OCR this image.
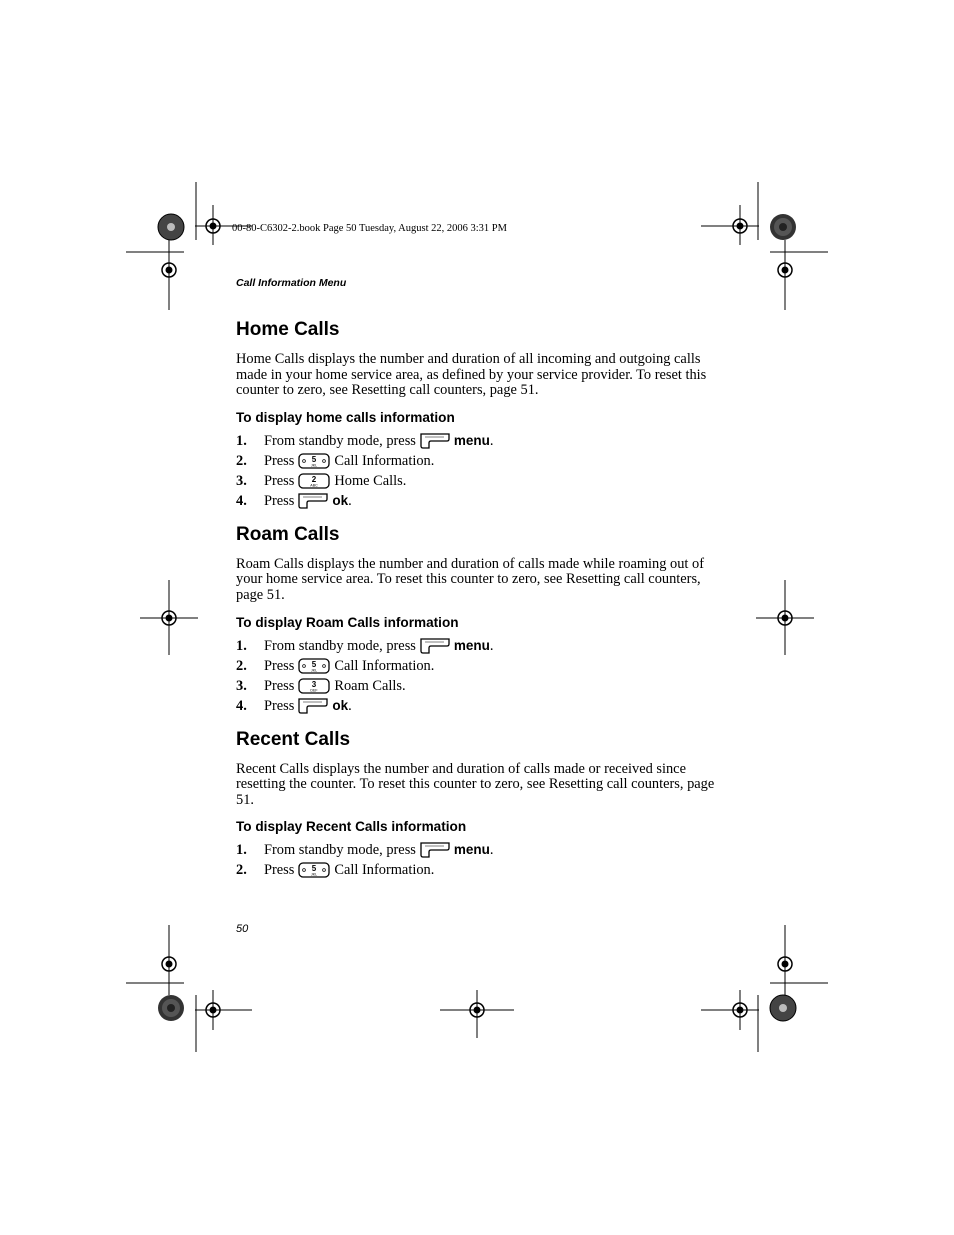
00-80-C6302-2.book Page 50 Tuesday, August 22, 2006 3:31 PM
Call Information Menu
Home Calls

Home Calls displays the number and duration of all incoming and outgoing calls made in your home service area, as defined by your service provider. To reset this counter to zero, see Resetting call counters, page 51.

To display home calls information
1.	From standby mode, press	menu .
2.	Press 5
JKL Call Information.
3.	Press 2
ABC Home Calls.
4.	Press	ok .
Roam Calls

Roam Calls displays the number and duration of calls made while roaming out of your home service area. To reset this counter to zero, see Resetting call counters, page 51.

To display Roam Calls information
1.	From standby mode, press	menu .
2.	Press 5
JKL Call Information.
3.	Press 3
DEF Roam Calls.
4.	Press	ok .
Recent Calls

Recent Calls displays the number and duration of calls made or received since resetting the counter. To reset this counter to zero, see Resetting call counters, page 51.

To display Recent Calls information
1.	From standby mode, press	menu .
2.	Press 5
JKL Call Information.
50
